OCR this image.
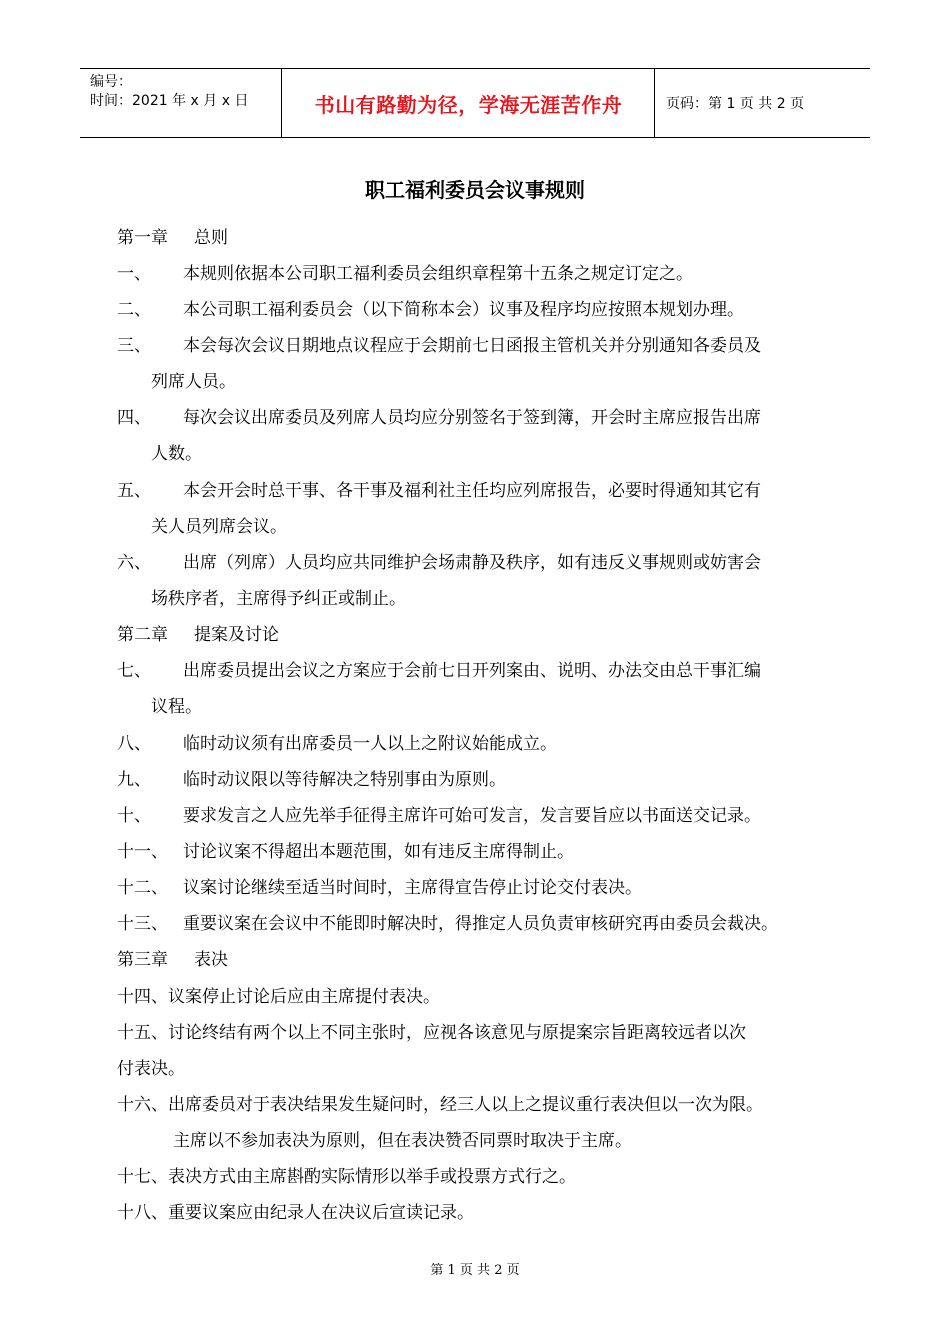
编号：
时间：2021 年 x 月 x 日	书山有路勤为径，学海无涯苦作舟	页码：第 1 页 共 2 页
职工福利委员会议事规则
第一章 总则
一、 本规则依据本公司职工福利委员会组织章程第十五条之规定订定之。
二、 本公司职工福利委员会（以下简称本会）议事及程序均应按照本规划办理。
三、 本会每次会议日期地点议程应于会期前七日函报主管机关并分别通知各委员及
列席人员。
四、 每次会议出席委员及列席人员均应分别签名于签到簿，开会时主席应报告出席
人数。
五、 本会开会时总干事、各干事及福利社主任均应列席报告，必要时得通知其它有
关人员列席会议。
六、 出席（列席）人员均应共同维护会场肃静及秩序，如有违反义事规则或妨害会
场秩序者，主席得予纠正或制止。
第二章 提案及讨论
七、 出席委员提出会议之方案应于会前七日开列案由、说明、办法交由总干事汇编
议程。
八、 临时动议须有出席委员一人以上之附议始能成立。
九、 临时动议限以等待解决之特别事由为原则。
十、 要求发言之人应先举手征得主席许可始可发言，发言要旨应以书面送交记录。
十一、 讨论议案不得超出本题范围，如有违反主席得制止。
十二、 议案讨论继续至适当时间时，主席得宣告停止讨论交付表决。
十三、 重要议案在会议中不能即时解决时，得推定人员负责审核研究再由委员会裁决。
第三章 表决
十四、议案停止讨论后应由主席提付表决。
十五、讨论终结有两个以上不同主张时，应视各该意见与原提案宗旨距离较远者以次
付表决。
十六、出席委员对于表决结果发生疑问时，经三人以上之提议重行表决但以一次为限。
主席以不参加表决为原则，但在表决赞否同票时取决于主席。
十七、表决方式由主席斟酌实际情形以举手或投票方式行之。
十八、重要议案应由纪录人在决议后宣读记录。
第 1 页 共 2 页
